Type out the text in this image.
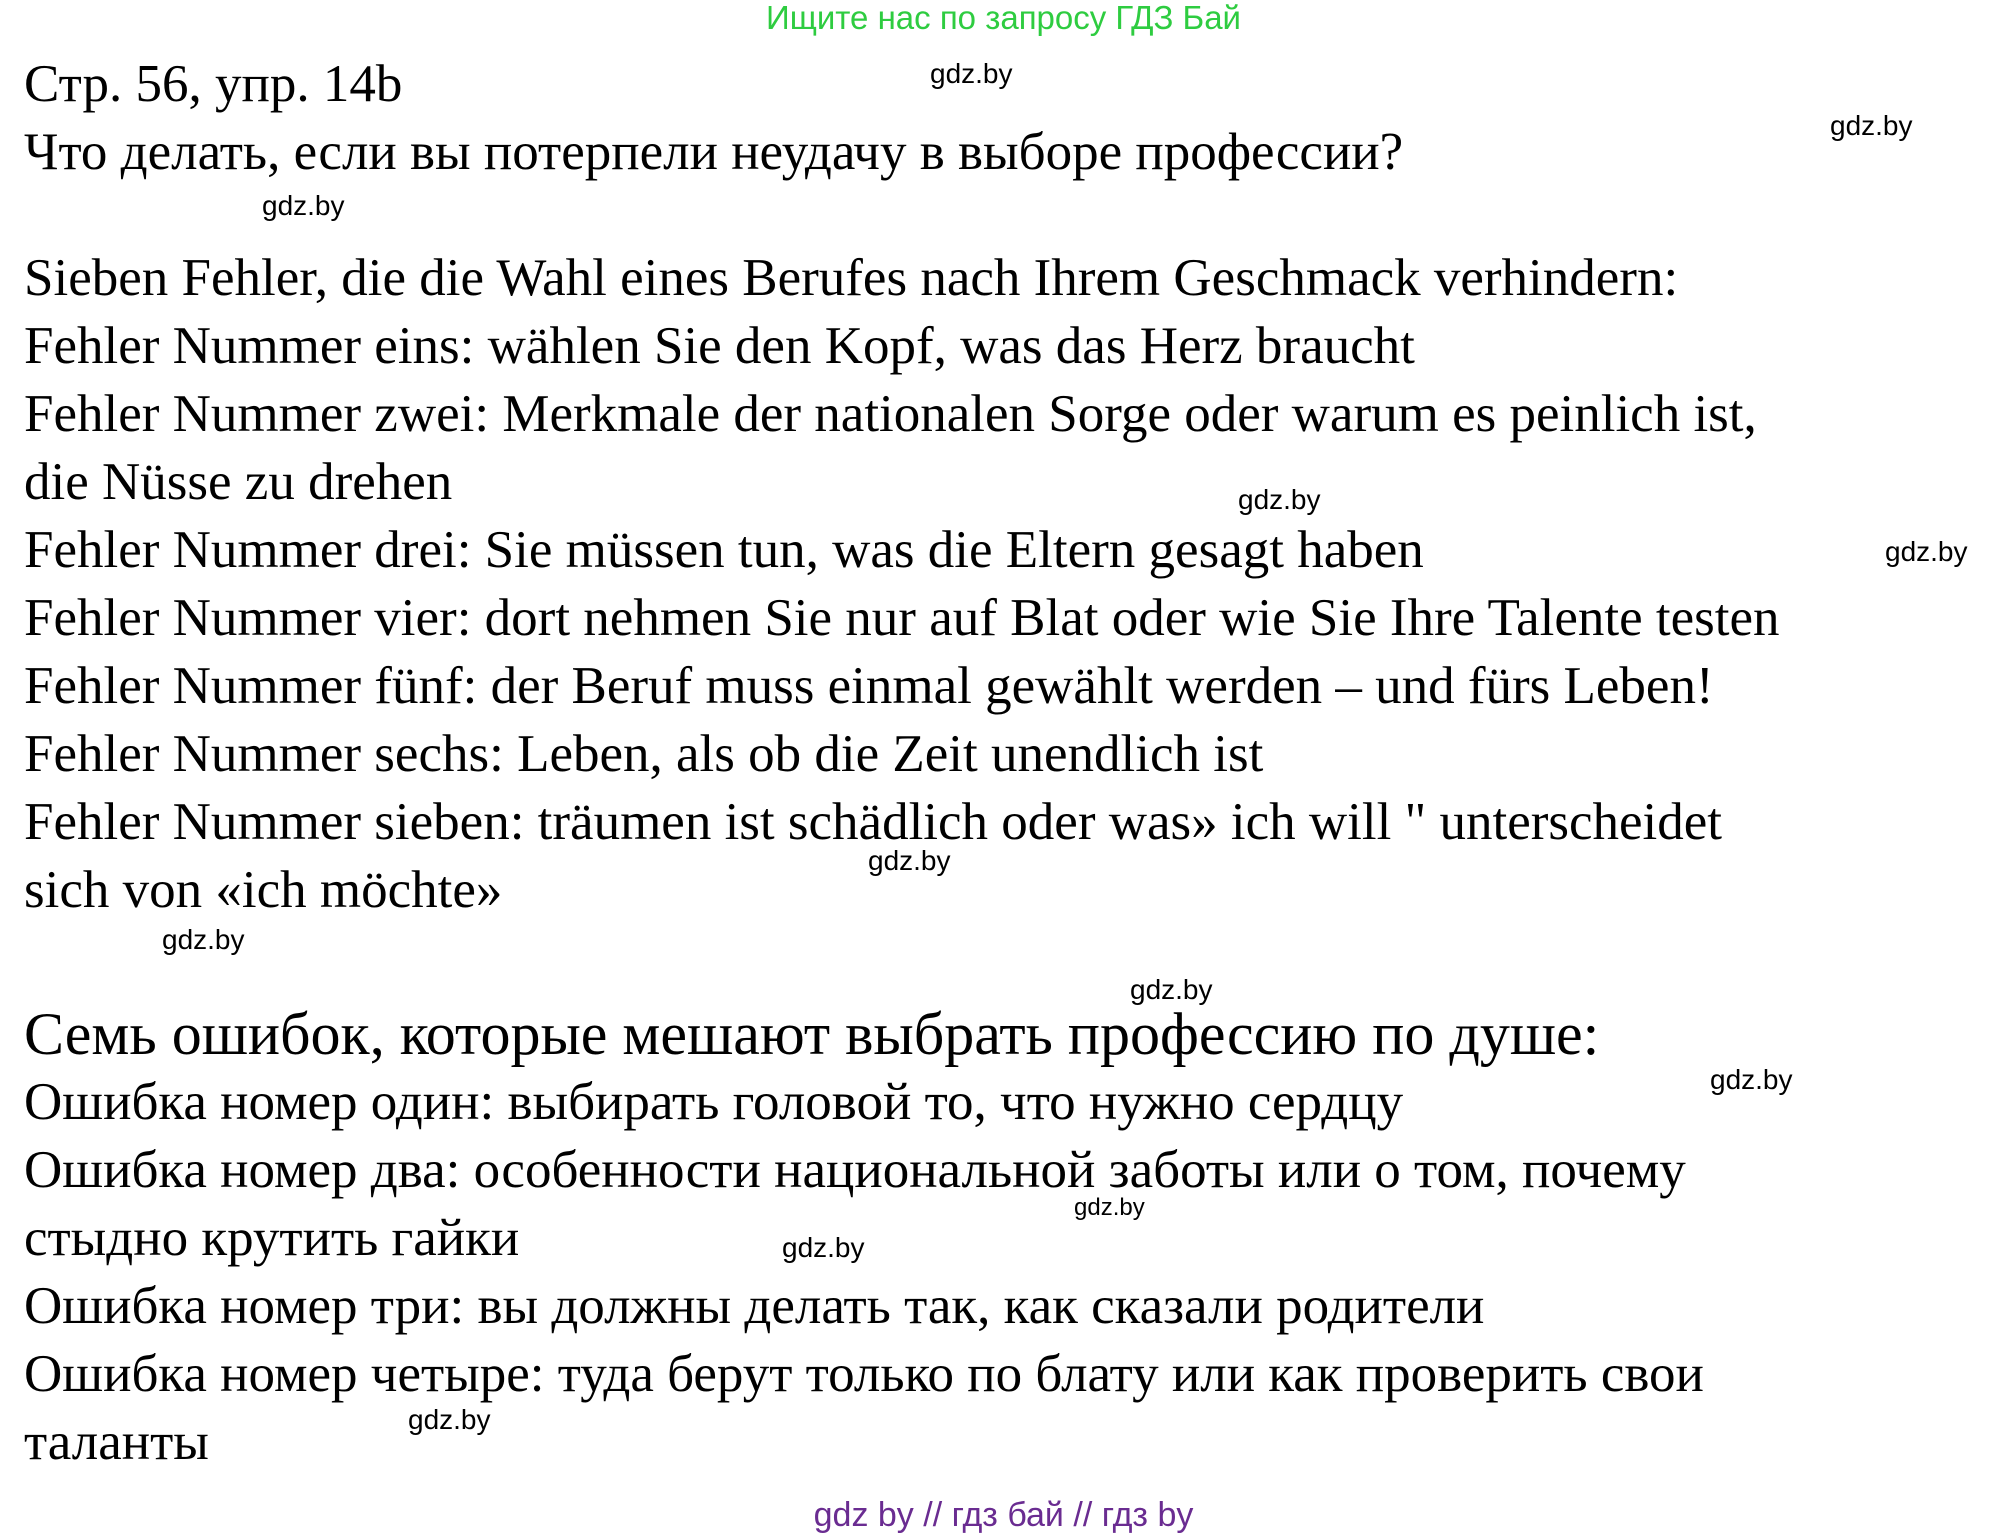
Ищите нас по запросу ГДЗ Бай
Стр. 56, упр. 14b
Что делать, если вы потерпели неудачу в выборе профессии?
Sieben Fehler, die die Wahl eines Berufes nach Ihrem Geschmack verhindern:
Fehler Nummer eins: wählen Sie den Kopf, was das Herz braucht
Fehler Nummer zwei: Merkmale der nationalen Sorge oder warum es peinlich ist,
die Nüsse zu drehen
Fehler Nummer drei: Sie müssen tun, was die Eltern gesagt haben
Fehler Nummer vier: dort nehmen Sie nur auf Blat oder wie Sie Ihre Talente testen
Fehler Nummer fünf: der Beruf muss einmal gewählt werden – und fürs Leben!
Fehler Nummer sechs: Leben, als ob die Zeit unendlich ist
Fehler Nummer sieben: träumen ist schädlich oder was» ich will " unterscheidet
sich von «ich möchte»
Семь ошибок, которые мешают выбрать профессию по душе:
Ошибка номер один: выбирать головой то, что нужно сердцу
Ошибка номер два: особенности национальной заботы или о том, почему
стыдно крутить гайки
Ошибка номер три: вы должны делать так, как сказали родители
Ошибка номер четыре: туда берут только по блату или как проверить свои
таланты
gdz.by
gdz.by
gdz.by
gdz.by
gdz.by
gdz.by
gdz.by
gdz.by
gdz.by
gdz.by
gdz.by
gdz.by
gdz by // гдз бай // гдз by
